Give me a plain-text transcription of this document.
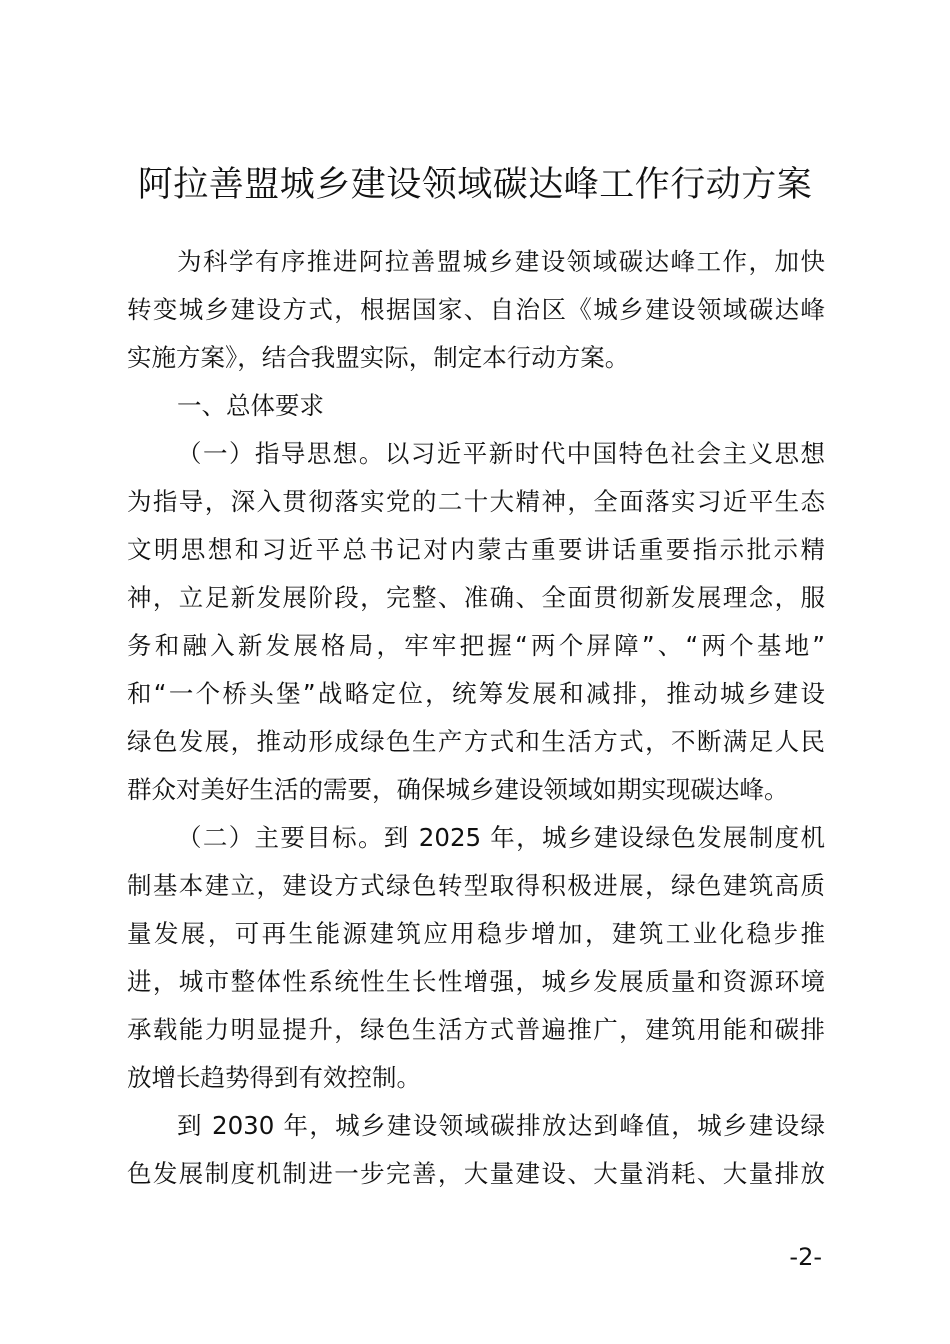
阿拉善盟城乡建设领域碳达峰工作行动方案
为科学有序推进阿拉善盟城乡建设领域碳达峰工作，加快
转变城乡建设方式，根据国家、自治区《城乡建设领域碳达峰
实施方案》，结合我盟实际，制定本行动方案。
一、总体要求
（一）指导思想。以习近平新时代中国特色社会主义思想
为指导，深入贯彻落实党的二十大精神，全面落实习近平生态
文明思想和习近平总书记对内蒙古重要讲话重要指示批示精
神，立足新发展阶段，完整、准确、全面贯彻新发展理念，服
务和融入新发展格局，牢牢把握“两个屏障”、“两个基地”
和“一个桥头堡”战略定位，统筹发展和减排，推动城乡建设
绿色发展，推动形成绿色生产方式和生活方式，不断满足人民
群众对美好生活的需要，确保城乡建设领域如期实现碳达峰。
（二）主要目标。到 2025 年，城乡建设绿色发展制度机
制基本建立，建设方式绿色转型取得积极进展，绿色建筑高质
量发展，可再生能源建筑应用稳步增加，建筑工业化稳步推
进，城市整体性系统性生长性增强，城乡发展质量和资源环境
承载能力明显提升，绿色生活方式普遍推广，建筑用能和碳排
放增长趋势得到有效控制。
到 2030 年，城乡建设领域碳排放达到峰值，城乡建设绿
色发展制度机制进一步完善，大量建设、大量消耗、大量排放
-2-
